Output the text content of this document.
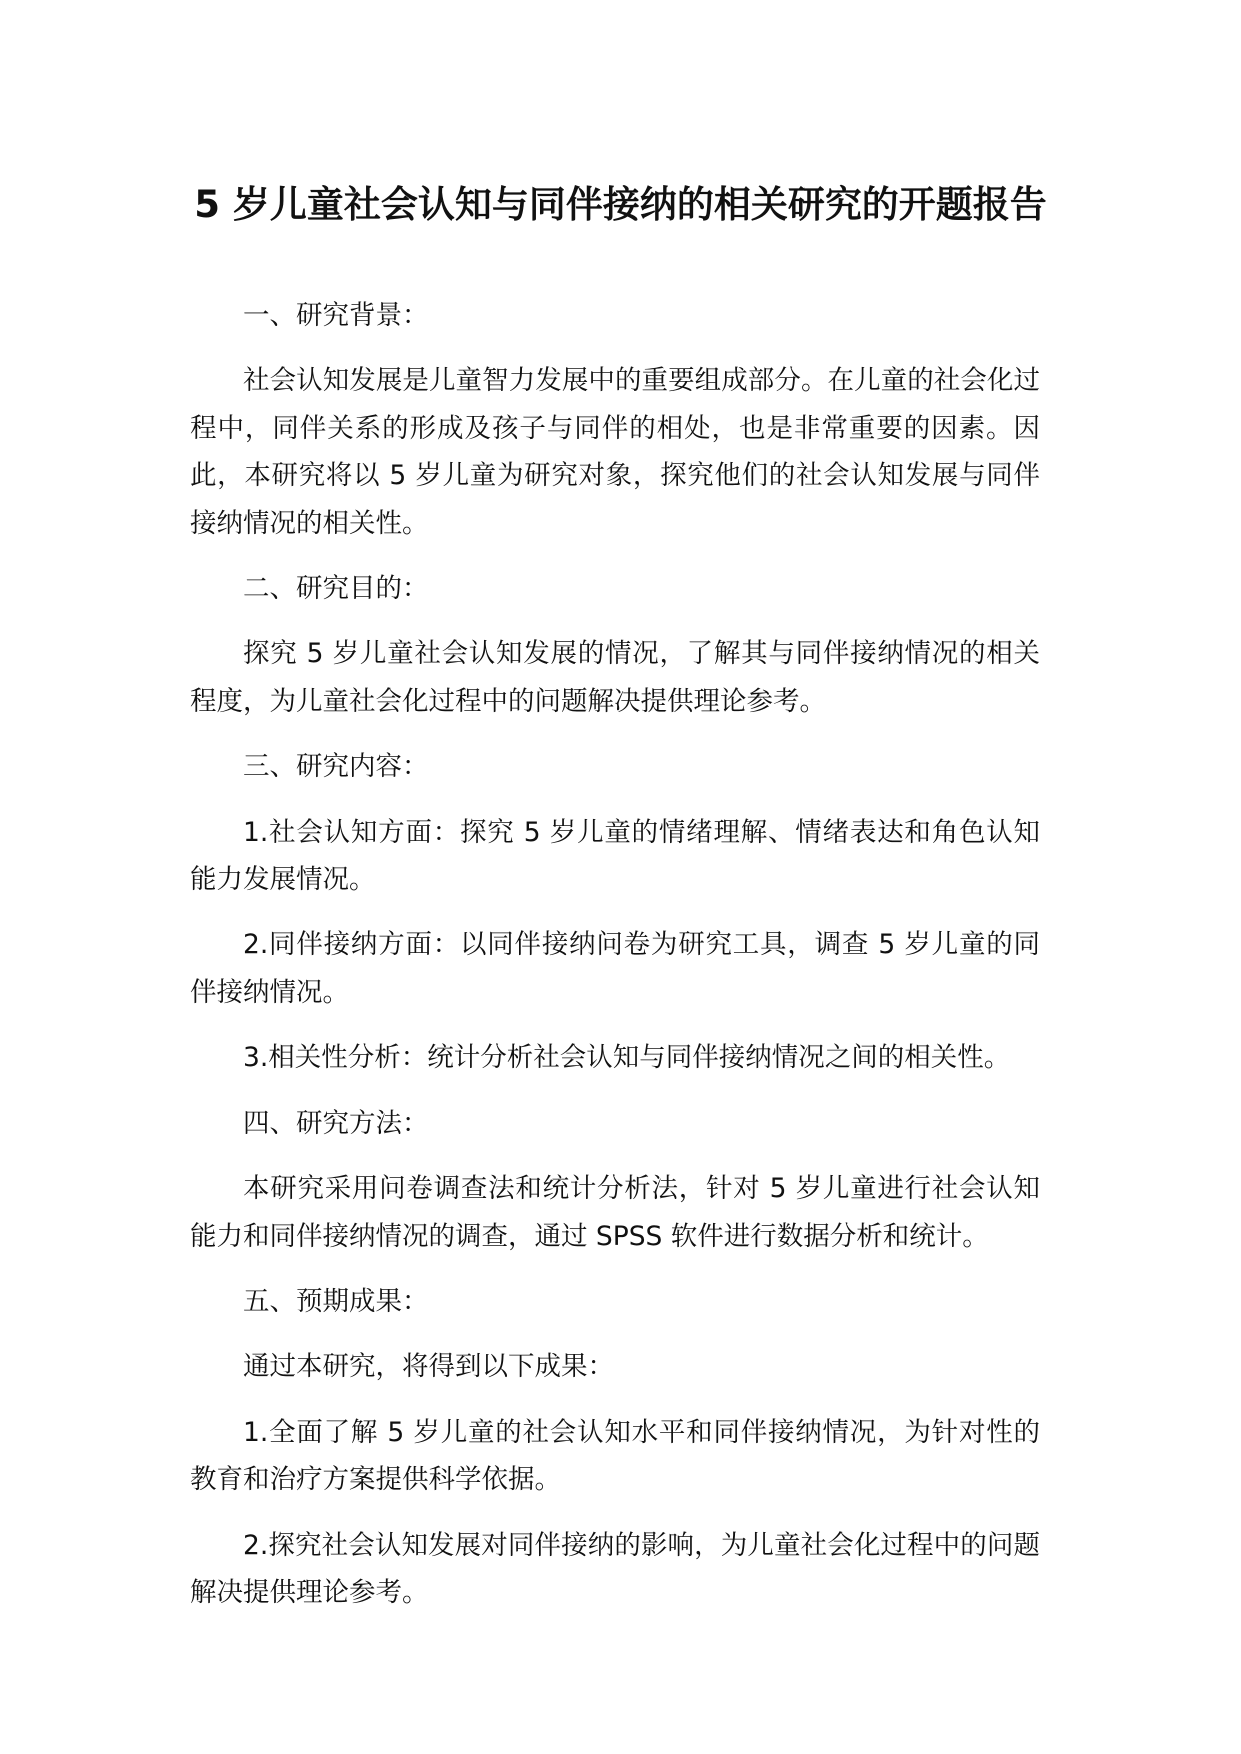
5 岁儿童社会认知与同伴接纳的相关研究的开题报告

一、研究背景：

社会认知发展是儿童智力发展中的重要组成部分。在儿童的社会化过程中，同伴关系的形成及孩子与同伴的相处，也是非常重要的因素。因此，本研究将以 5 岁儿童为研究对象，探究他们的社会认知发展与同伴接纳情况的相关性。

二、研究目的：

探究 5 岁儿童社会认知发展的情况，了解其与同伴接纳情况的相关程度，为儿童社会化过程中的问题解决提供理论参考。

三、研究内容：

1.社会认知方面：探究 5 岁儿童的情绪理解、情绪表达和角色认知能力发展情况。

2.同伴接纳方面：以同伴接纳问卷为研究工具，调查 5 岁儿童的同伴接纳情况。

3.相关性分析：统计分析社会认知与同伴接纳情况之间的相关性。

四、研究方法：

本研究采用问卷调查法和统计分析法，针对 5 岁儿童进行社会认知能力和同伴接纳情况的调查，通过 SPSS 软件进行数据分析和统计。

五、预期成果：

通过本研究，将得到以下成果：

1.全面了解 5 岁儿童的社会认知水平和同伴接纳情况，为针对性的教育和治疗方案提供科学依据。

2.探究社会认知发展对同伴接纳的影响，为儿童社会化过程中的问题解决提供理论参考。
